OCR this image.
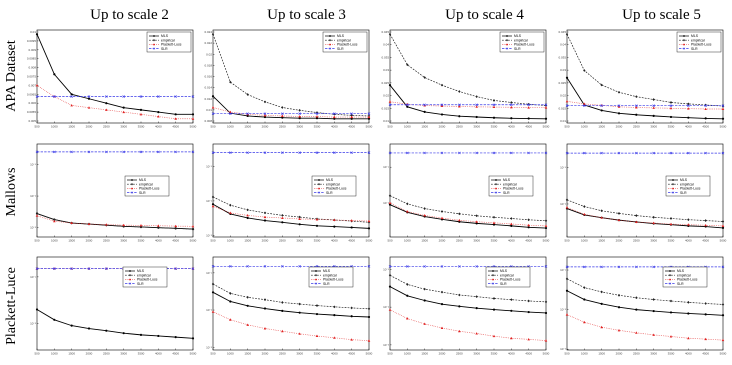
Up to scale 2	Up to scale 3	Up to scale 4	Up to scale 5
APA Dataset
Mallows
Plackett-Luce
500	1000	1500	2000	2500	3000	3500	4000	4500	5000
0.01
0.0095
0.009
0.0085
0.008
0.0075
0.007
0.0065
0.006
0.0055
0.005
MLS
empirical
Plackett-Luce
SLR
500	1000	1500	2000	2500	3000	3500	4000	4500	5000
0.024
0.022
0.02
0.018
0.016
0.014
0.012
0.01
0.008
MLS
empirical
Plackett-Luce
SLR
500	1000	1500	2000	2500	3000	3500	4000	4500	5000
0.045
0.04
0.035
0.03
0.025
0.02
0.015
0.01
MLS
empirical
Plackett-Luce
SLR
500	1000	1500	2000	2500	3000	3500	4000	4500	5000
0.045
0.04
0.035
0.03
0.025
0.02
0.015
0.01
MLS
empirical
Plackett-Luce
SLR
500	1000	1500	2000	2500	3000	3500	4000	4500	5000
10⁻³
10⁻²
10⁻¹
MLS
empirical
Plackett-Luce
SLR
500	1000	1500	2000	2500	3000	3500	4000	4500	5000
10⁻³
10⁻²
10⁻¹
MLS
empirical
Plackett-Luce
SLR
500	1000	1500	2000	2500	3000	3500	4000	4500	5000
10⁻²
10⁻¹
MLS
empirical
Plackett-Luce
SLR
500	1000	1500	2000	2500	3000	3500	4000	4500	5000
10⁻²
10⁻¹
MLS
empirical
Plackett-Luce
SLR
500	1000	1500	2000	2500	3000	3500	4000	4500	5000
10⁻²
10⁻¹
MLS
empirical
Plackett-Luce
SLR
500	1000	1500	2000	2500	3000	3500	4000	4500	5000
10⁻³
10⁻²
10⁻¹	MLS
empirical
Plackett-Luce
SLR
500	1000	1500	2000	2500	3000	3500	4000	4500	5000
10⁻³
10⁻²
10⁻¹	MLS
empirical
Plackett-Luce
SLR
500	1000	1500	2000	2500	3000	3500	4000	4500	5000
10⁻³
10⁻²
10⁻¹	MLS
empirical
Plackett-Luce
SLR
